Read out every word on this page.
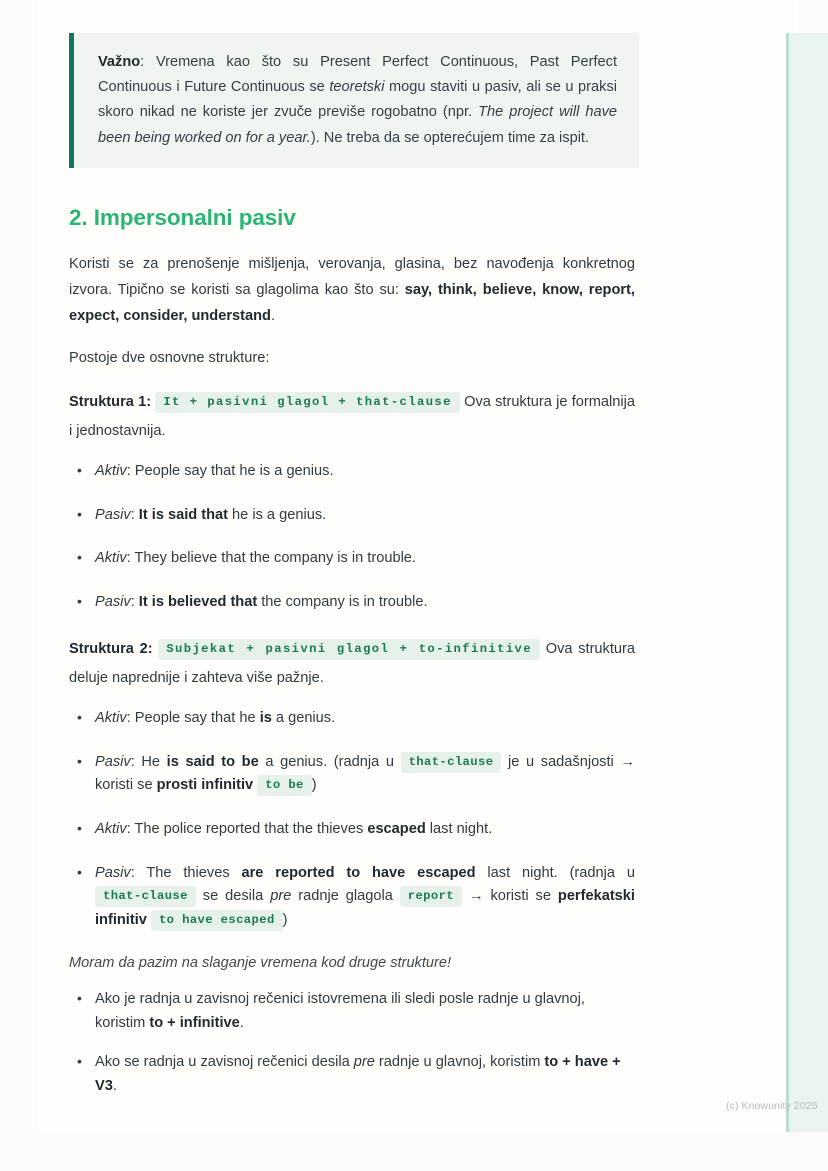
Važno: Vremena kao što su Present Perfect Continuous, Past Perfect Continuous i Future Continuous se teoretski mogu staviti u pasiv, ali se u praksi skoro nikad ne koriste jer zvuče previše rogobatno (npr. The project will have been being worked on for a year.). Ne treba da se opterećujem time za ispit.

2. Impersonalni pasiv

Koristi se za prenošenje mišljenja, verovanja, glasina, bez navođenja konkretnog izvora. Tipično se koristi sa glagolima kao što su: say, think, believe, know, report, expect, consider, understand.

Postoje dve osnovne strukture:

Struktura 1: It + pasivni glagol + that-clause Ova struktura je formalnija i jednostavnija.

• Aktiv: People say that he is a genius.
• Pasiv: It is said that he is a genius.
• Aktiv: They believe that the company is in trouble.
• Pasiv: It is believed that the company is in trouble.

Struktura 2: Subjekat + pasivni glagol + to-infinitive Ova struktura deluje naprednije i zahteva više pažnje.

• Aktiv: People say that he is a genius.
• Pasiv: He is said to be a genius. (radnja u that-clause je u sadašnjosti → koristi se prosti infinitiv to be )
• Aktiv: The police reported that the thieves escaped last night.
• Pasiv: The thieves are reported to have escaped last night. (radnja u that-clause se desila pre radnje glagola report → koristi se perfekatski infinitiv to have escaped )

Moram da pazim na slaganje vremena kod druge strukture!

• Ako je radnja u zavisnoj rečenici istovremena ili sledi posle radnje u glavnoj, koristim to + infinitive.
• Ako se radnja u zavisnoj rečenici desila pre radnje u glavnoj, koristim to + have + V3.
(c) Knowunity 2025
